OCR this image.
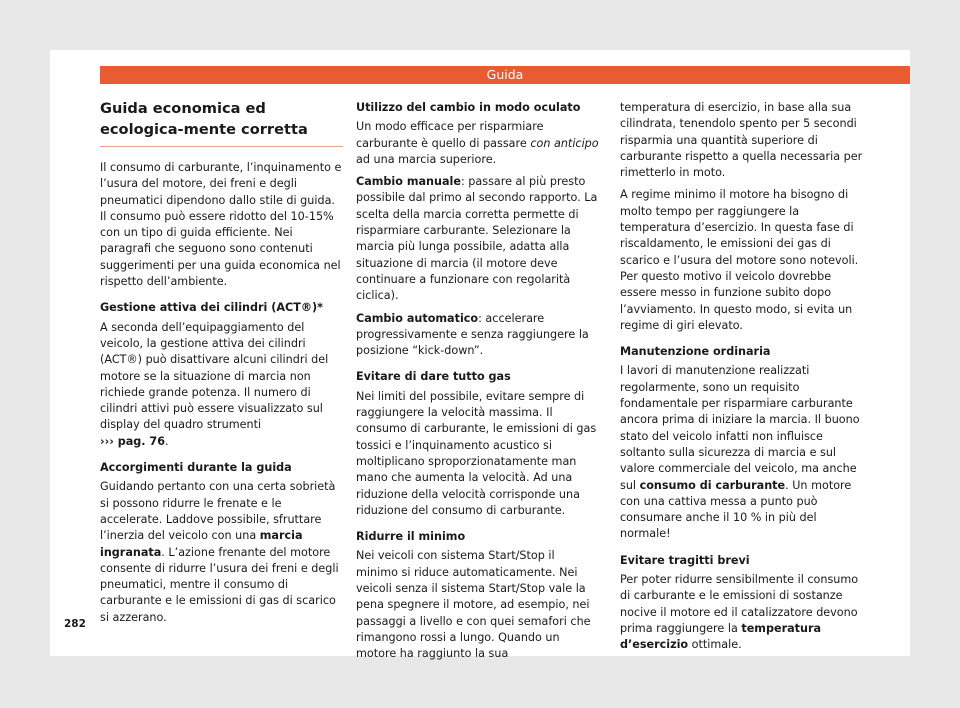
Guida
Guida economica ed ecologica-mente corretta

Il consumo di carburante, l’inquinamento e l’usura del motore, dei freni e degli pneumatici dipendono dallo stile di guida. Il consumo può essere ridotto del 10-15% con un tipo di guida efficiente. Nei paragrafi che seguono sono contenuti suggerimenti per una guida economica nel rispetto dell’ambiente.

Gestione attiva dei cilindri (ACT®)*

A seconda dell’equipaggiamento del veicolo, la gestione attiva dei cilindri (ACT®) può disattivare alcuni cilindri del motore se la situazione di marcia non richiede grande potenza. Il numero di cilindri attivi può essere visualizzato sul display del quadro strumenti
››› pag. 76.

Accorgimenti durante la guida

Guidando pertanto con una certa sobrietà si possono ridurre le frenate e le accelerate. Laddove possibile, sfruttare l’inerzia del veicolo con una marcia ingranata. L’azione frenante del motore consente di ridurre l’usura dei freni e degli pneumatici, mentre il consumo di carburante e le emissioni di gas di scarico si azzerano.

Utilizzo del cambio in modo oculato

Un modo efficace per risparmiare carburante è quello di passare con anticipo ad una marcia superiore.

Cambio manuale: passare al più presto possibile dal primo al secondo rapporto. La scelta della marcia corretta permette di risparmiare carburante. Selezionare la marcia più lunga possibile, adatta alla situazione di marcia (il motore deve continuare a funzionare con regolarità ciclica).

Cambio automatico: accelerare progressivamente e senza raggiungere la posizione “kick-down”.

Evitare di dare tutto gas

Nei limiti del possibile, evitare sempre di raggiungere la velocità massima. Il consumo di carburante, le emissioni di gas tossici e l’inquinamento acustico si moltiplicano sproporzionatamente man mano che aumenta la velocità. Ad una riduzione della velocità corrisponde una riduzione del consumo di carburante.

Ridurre il minimo

Nei veicoli con sistema Start/Stop il minimo si riduce automaticamente. Nei veicoli senza il sistema Start/Stop vale la pena spegnere il motore, ad esempio, nei passaggi a livello e con quei semafori che rimangono rossi a lungo. Quando un motore ha raggiunto la sua

temperatura di esercizio, in base alla sua cilindrata, tenendolo spento per 5 secondi risparmia una quantità superiore di carburante rispetto a quella necessaria per rimetterlo in moto.

A regime minimo il motore ha bisogno di molto tempo per raggiungere la temperatura d’esercizio. In questa fase di riscaldamento, le emissioni dei gas di scarico e l’usura del motore sono notevoli. Per questo motivo il veicolo dovrebbe essere messo in funzione subito dopo l’avviamento. In questo modo, si evita un regime di giri elevato.

Manutenzione ordinaria

I lavori di manutenzione realizzati regolarmente, sono un requisito fondamentale per risparmiare carburante ancora prima di iniziare la marcia. Il buono stato del veicolo infatti non influisce soltanto sulla sicurezza di marcia e sul valore commerciale del veicolo, ma anche sul consumo di carburante. Un motore con una cattiva messa a punto può consumare anche il 10 % in più del normale!

Evitare tragitti brevi

Per poter ridurre sensibilmente il consumo di carburante e le emissioni di sostanze nocive il motore ed il catalizzatore devono prima raggiungere la temperatura d’esercizio ottimale.

282
